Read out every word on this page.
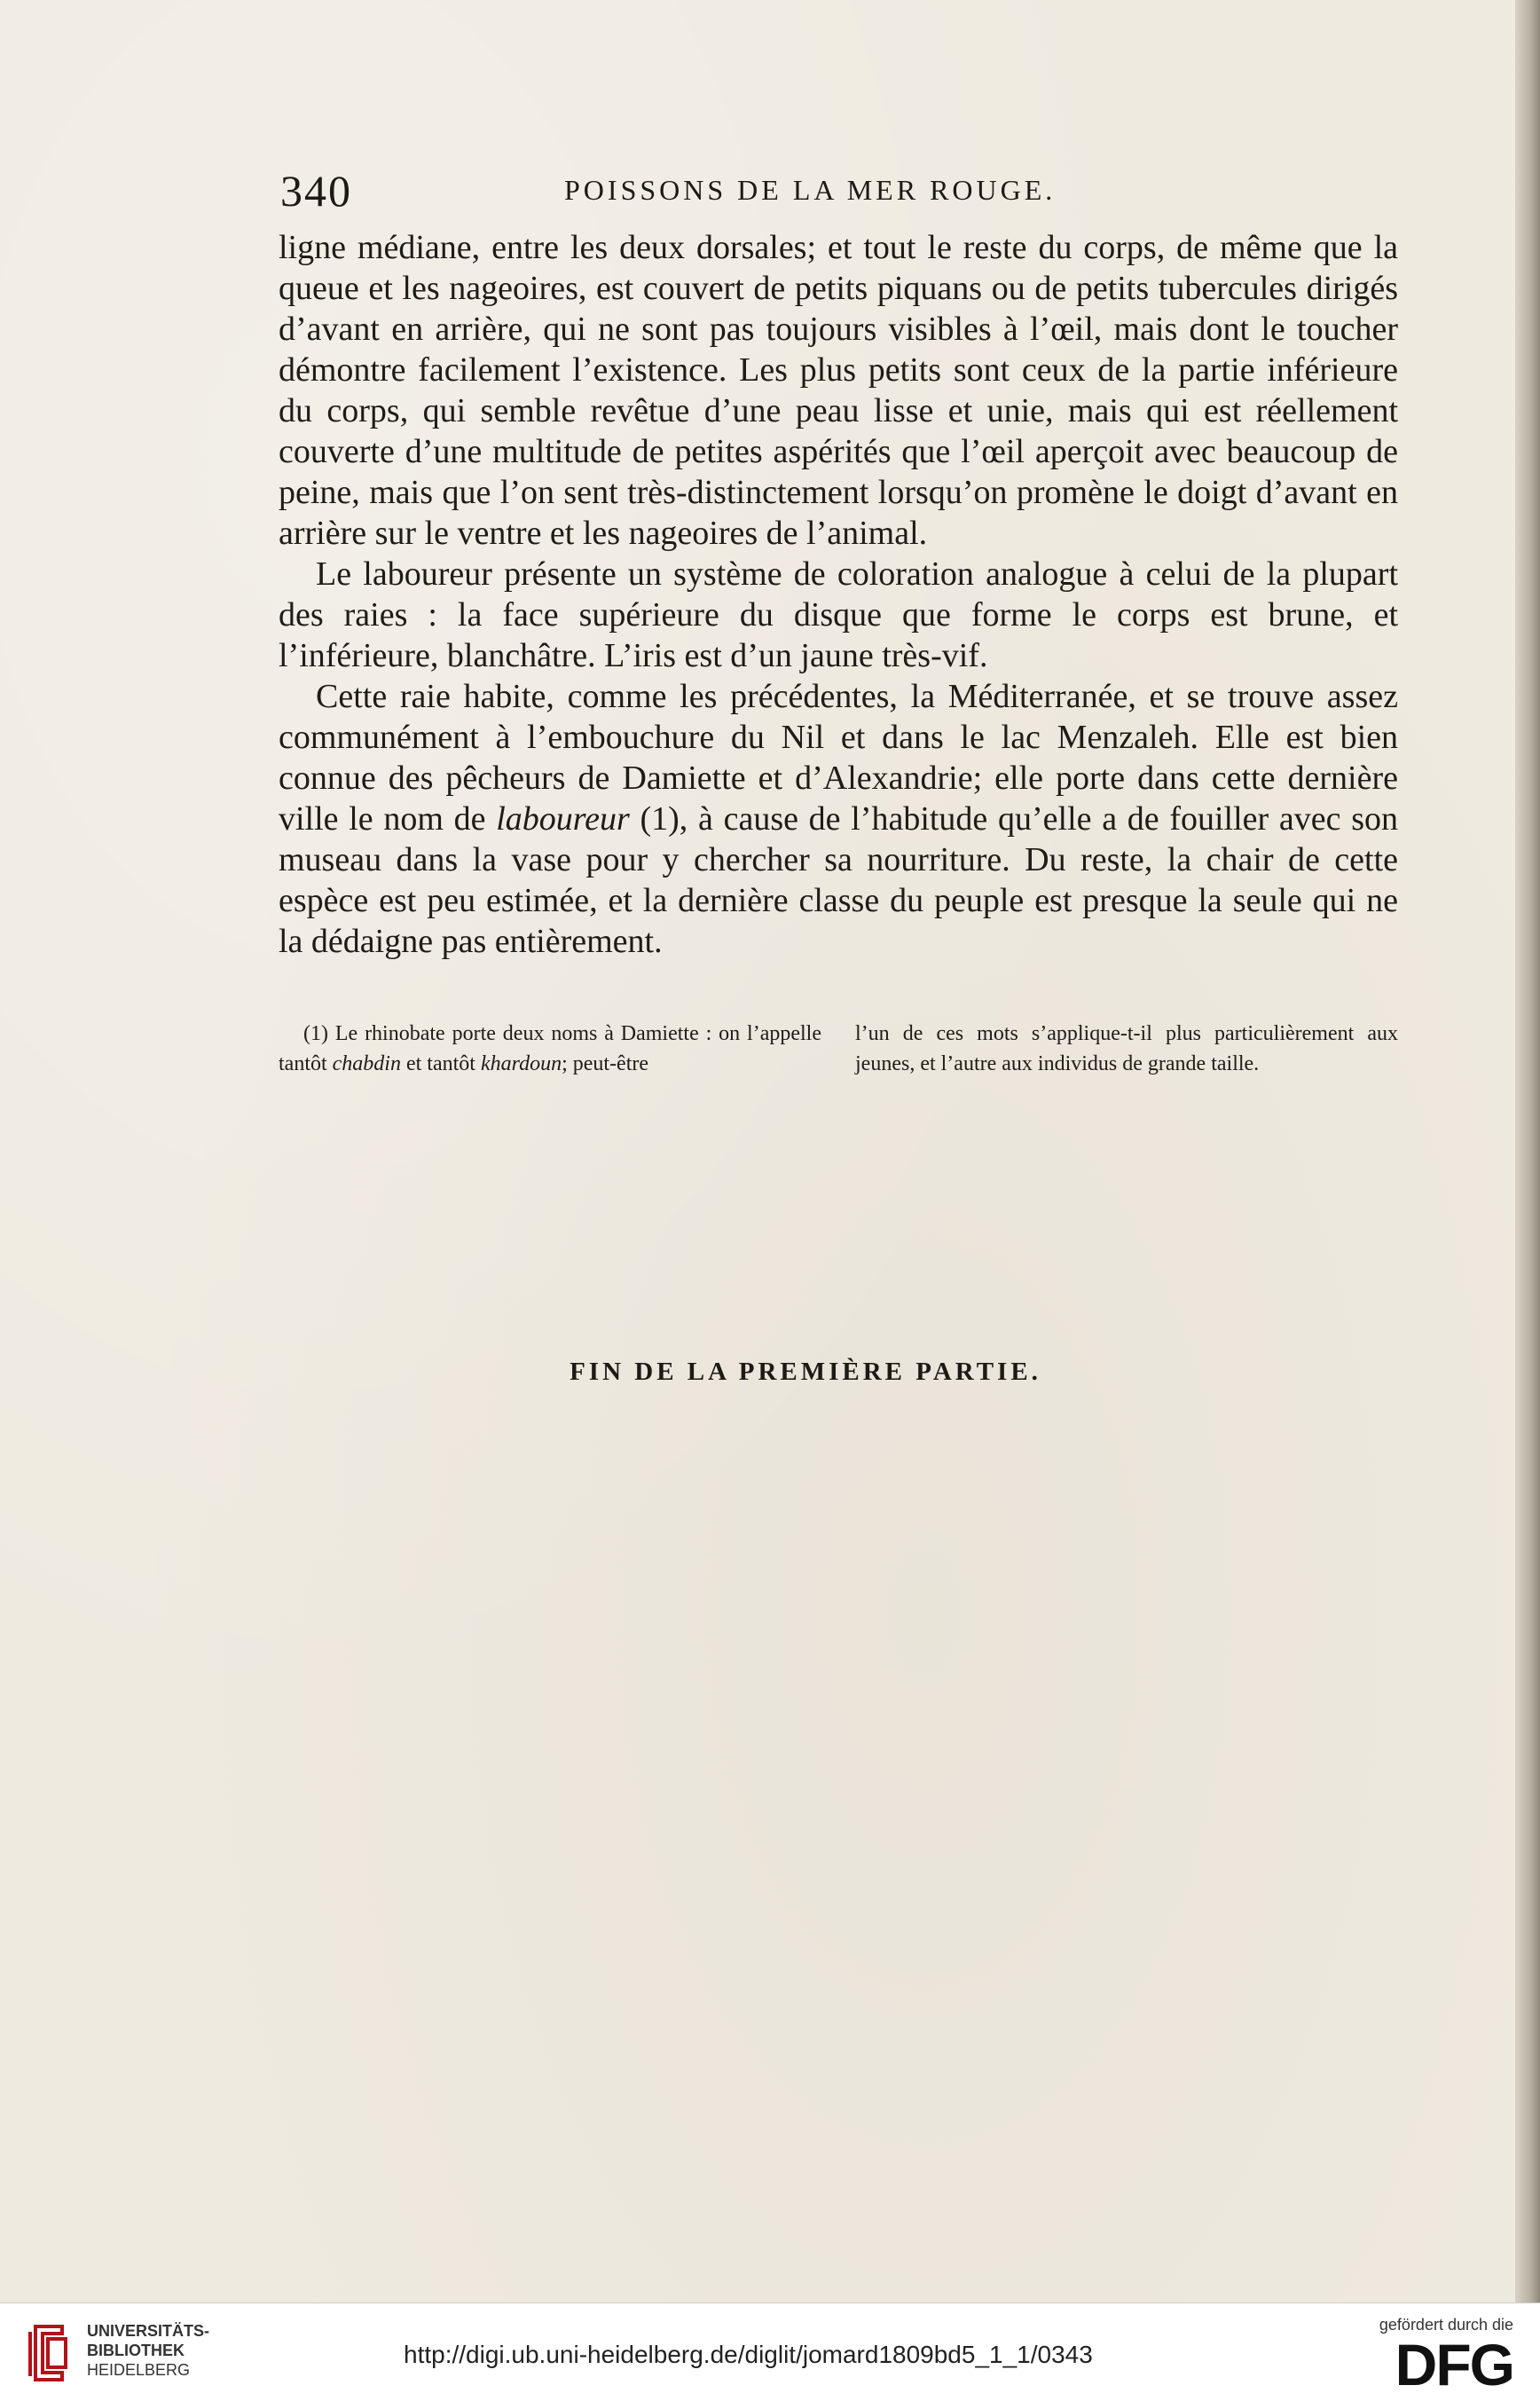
340	POISSONS DE LA MER ROUGE.

ligne médiane, entre les deux dorsales; et tout le reste du corps, de même que la queue et les nageoires, est couvert de petits piquans ou de petits tubercules dirigés d’avant en arrière, qui ne sont pas toujours visibles à l’œil, mais dont le toucher démontre facilement l’existence. Les plus petits sont ceux de la partie inférieure du corps, qui semble revêtue d’une peau lisse et unie, mais qui est réellement couverte d’une multitude de petites aspérités que l’œil aperçoit avec beaucoup de peine, mais que l’on sent très-distinctement lorsqu’on promène le doigt d’avant en arrière sur le ventre et les nageoires de l’animal.

Le laboureur présente un système de coloration analogue à celui de la plupart des raies : la face supérieure du disque que forme le corps est brune, et l’inférieure, blanchâtre. L’iris est d’un jaune très-vif.

Cette raie habite, comme les précédentes, la Méditerranée, et se trouve assez communément à l’embouchure du Nil et dans le lac Menzaleh. Elle est bien connue des pêcheurs de Damiette et d’Alexandrie; elle porte dans cette dernière ville le nom de laboureur (1), à cause de l’habitude qu’elle a de fouiller avec son museau dans la vase pour y chercher sa nourriture. Du reste, la chair de cette espèce est peu estimée, et la dernière classe du peuple est presque la seule qui ne la dédaigne pas entièrement.

(1) Le rhinobate porte deux noms à Damiette : on l’appelle tantôt chabdin et tantôt khardoun; peut-être
l’un de ces mots s’applique-t-il plus particulièrement aux jeunes, et l’autre aux individus de grande taille.
FIN DE LA PREMIÈRE PARTIE.
UNIVERSITÄTS-
BIBLIOTHEK
HEIDELBERG
http://digi.ub.uni-heidelberg.de/diglit/jomard1809bd5_1_1/0343
gefördert durch die
DFG
